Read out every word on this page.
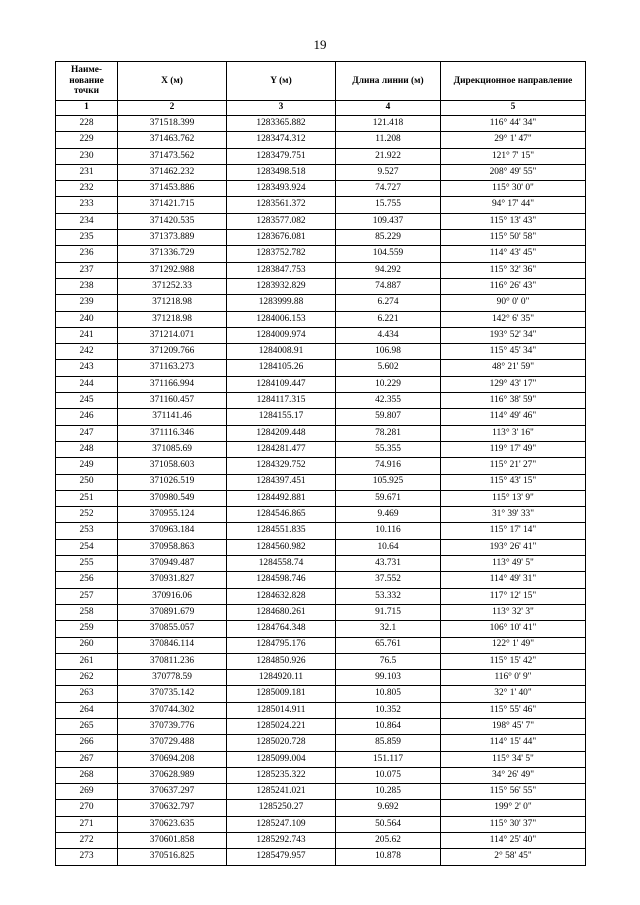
19
Наиме-нование точки	X (м)	Y (м)	Длина линии (м)	Дирекционное направление
1	2	3	4	5
228	371518.399	1283365.882	121.418	116° 44' 34"
229	371463.762	1283474.312	11.208	29° 1' 47"
230	371473.562	1283479.751	21.922	121° 7' 15"
231	371462.232	1283498.518	9.527	208° 49' 55"
232	371453.886	1283493.924	74.727	115° 30' 0"
233	371421.715	1283561.372	15.755	94° 17' 44"
234	371420.535	1283577.082	109.437	115° 13' 43"
235	371373.889	1283676.081	85.229	115° 50' 58"
236	371336.729	1283752.782	104.559	114° 43' 45"
237	371292.988	1283847.753	94.292	115° 32' 36"
238	371252.33	1283932.829	74.887	116° 26' 43"
239	371218.98	1283999.88	6.274	90° 0' 0"
240	371218.98	1284006.153	6.221	142° 6' 35"
241	371214.071	1284009.974	4.434	193° 52' 34"
242	371209.766	1284008.91	106.98	115° 45' 34"
243	371163.273	1284105.26	5.602	48° 21' 59"
244	371166.994	1284109.447	10.229	129° 43' 17"
245	371160.457	1284117.315	42.355	116° 38' 59"
246	371141.46	1284155.17	59.807	114° 49' 46"
247	371116.346	1284209.448	78.281	113° 3' 16"
248	371085.69	1284281.477	55.355	119° 17' 49"
249	371058.603	1284329.752	74.916	115° 21' 27"
250	371026.519	1284397.451	105.925	115° 43' 15"
251	370980.549	1284492.881	59.671	115° 13' 9"
252	370955.124	1284546.865	9.469	31° 39' 33"
253	370963.184	1284551.835	10.116	115° 17' 14"
254	370958.863	1284560.982	10.64	193° 26' 41"
255	370949.487	1284558.74	43.731	113° 49' 5"
256	370931.827	1284598.746	37.552	114° 49' 31"
257	370916.06	1284632.828	53.332	117° 12' 15"
258	370891.679	1284680.261	91.715	113° 32' 3"
259	370855.057	1284764.348	32.1	106° 10' 41"
260	370846.114	1284795.176	65.761	122° 1' 49"
261	370811.236	1284850.926	76.5	115° 15' 42"
262	370778.59	1284920.11	99.103	116° 0' 9"
263	370735.142	1285009.181	10.805	32° 1' 40"
264	370744.302	1285014.911	10.352	115° 55' 46"
265	370739.776	1285024.221	10.864	198° 45' 7"
266	370729.488	1285020.728	85.859	114° 15' 44"
267	370694.208	1285099.004	151.117	115° 34' 5"
268	370628.989	1285235.322	10.075	34° 26' 49"
269	370637.297	1285241.021	10.285	115° 56' 55"
270	370632.797	1285250.27	9.692	199° 2' 0"
271	370623.635	1285247.109	50.564	115° 30' 37"
272	370601.858	1285292.743	205.62	114° 25' 40"
273	370516.825	1285479.957	10.878	2° 58' 45"
